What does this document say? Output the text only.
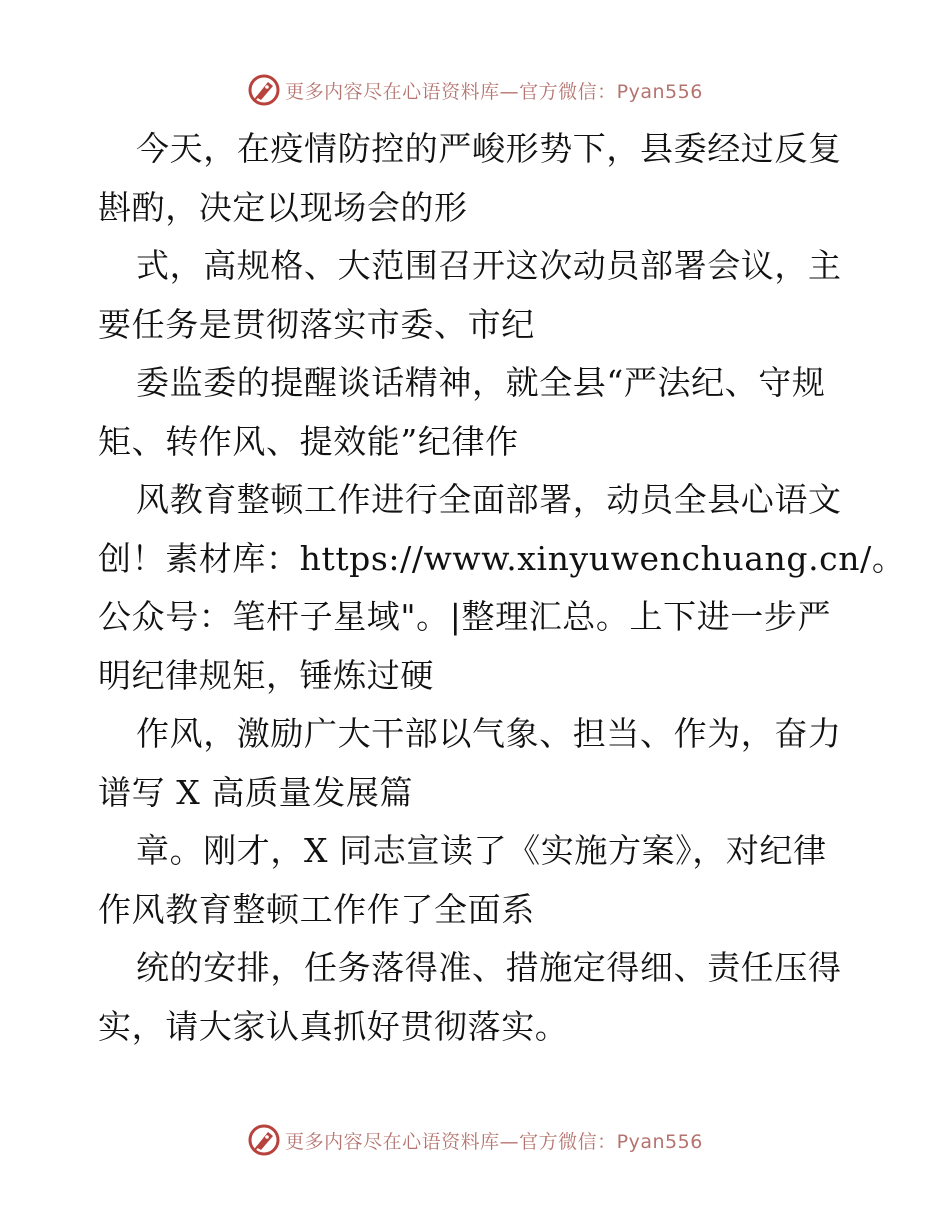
更多内容尽在心语资料库—官方微信：Pyan556
今天，在疫情防控的严峻形势下，县委经过反复
斟酌，决定以现场会的形
式，高规格、大范围召开这次动员部署会议，主
要任务是贯彻落实市委、市纪
委监委的提醒谈话精神，就全县“严法纪、守规
矩、转作风、提效能”纪律作
风教育整顿工作进行全面部署，动员全县心语文
创！素材库：https://www.xinyuwenchuang.cn/。
公众号：笔杆子星域"。|整理汇总。上下进一步严
明纪律规矩，锤炼过硬
作风，激励广大干部以气象、担当、作为，奋力
谱写 X 高质量发展篇
章。刚才，X 同志宣读了《实施方案》，对纪律
作风教育整顿工作作了全面系
统的安排，任务落得准、措施定得细、责任压得
实，请大家认真抓好贯彻落实。
更多内容尽在心语资料库—官方微信：Pyan556
